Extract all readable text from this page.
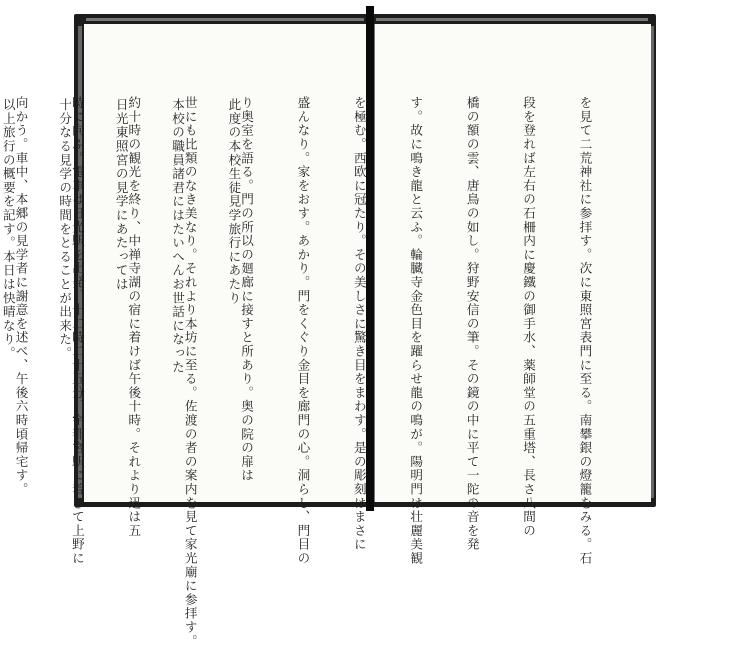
此度の本校生徒見学旅行にあたり

本校の職員諸君にはたいへんお世話になった

日光東照宮の見学にあたっては

十分なる見学の時間をとることが出来た。

以上旅行の概要を記す。本日は快晴なり。

	を見て二荒神社に参拝す。次に東照宮表門に至る。南攀銀の燈籠をみる。石

段を登れば左右の石柵内に慶鐵の御手水、薬師堂の五重塔、長さ八間の

橋の額の雲、唐鳥の如し。狩野安信の筆。その鏡の中に平て一陀の音を発

す。故に鳴き龍と云ふ。輪臓寺金色目を躍らせ龍の鳴が。陽明門は壮麗美観

を極む。西欧に冠たり。その美しさに驚き目をまわす。是の彫刻はまさに

盛んなり。家をおす。あかり。門をくぐり金目を廊門の心。洞らし、門目の

り奥室を語る。門の所以の廻廊に接すと所あり。奥の院の扉は

世にも比類のなき美なり。それより本坊に至る。佐渡の者の案内を見て家光廟に参拝す。

約十時の観光を終り、中禅寺湖の宿に着けば午後十時。それより迅は五

時に向ふ。電車は日光駅を出発、十二時二十五分、宇都宮駅に着きて上野に

向かう。車中、本郷の見学者に謝意を述べ、午後六時頃帰宅す。
